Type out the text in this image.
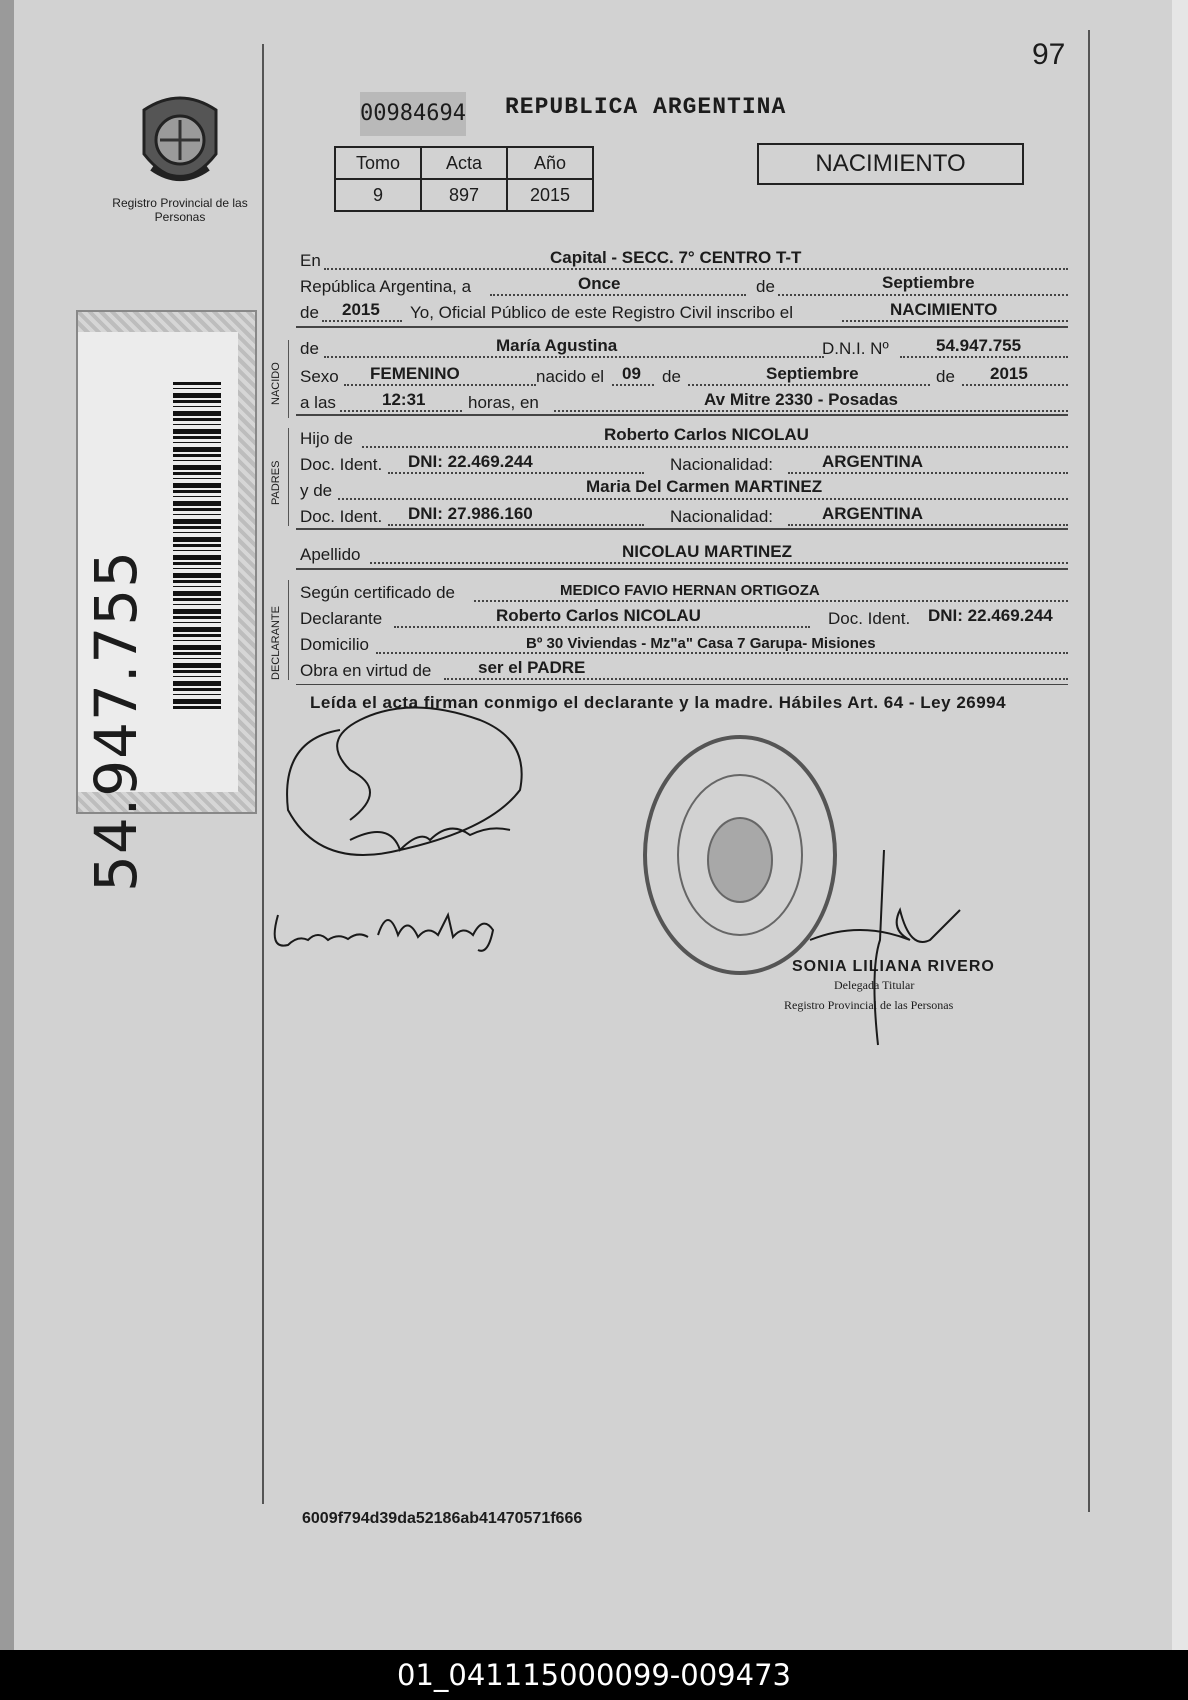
97
Registro Provincial de las Personas
54.947.755
00984694 REPUBLICA ARGENTINA
Tomo	Acta	Año
9	897	2015
NACIMIENTO
NACIDO
PADRES
DECLARANTE
En	Capital - SECC. 7° CENTRO T-T
República Argentina, a	Once	de	Septiembre
de 2015 Yo, Oficial Público de este Registro Civil inscribo el	NACIMIENTO
de	María Agustina	D.N.I. Nº	54.947.755
Sexo FEMENINO	nacido el 09 de	Septiembre	de 2015
a las	12:31	horas, en	Av Mitre 2330 - Posadas
Hijo de	Roberto Carlos NICOLAU
Doc. Ident. DNI: 22.469.244	Nacionalidad:	ARGENTINA
y de	Maria Del Carmen MARTINEZ
Doc. Ident. DNI: 27.986.160	Nacionalidad:	ARGENTINA
Apellido	NICOLAU MARTINEZ
Según certificado de	MEDICO FAVIO HERNAN ORTIGOZA
Declarante	Roberto Carlos NICOLAU	Doc. Ident. DNI: 22.469.244
Domicilio	Bº 30 Viviendas - Mz"a" Casa 7 Garupa- Misiones
Obra en virtud de	ser el PADRE
Leída el acta firman conmigo el declarante y la madre. Hábiles Art. 64 - Ley 26994
SONIA LILIANA RIVERO
Delegada Titular
Registro Provincial de las Personas
6009f794d39da52186ab41470571f666
01_041115000099-009473
